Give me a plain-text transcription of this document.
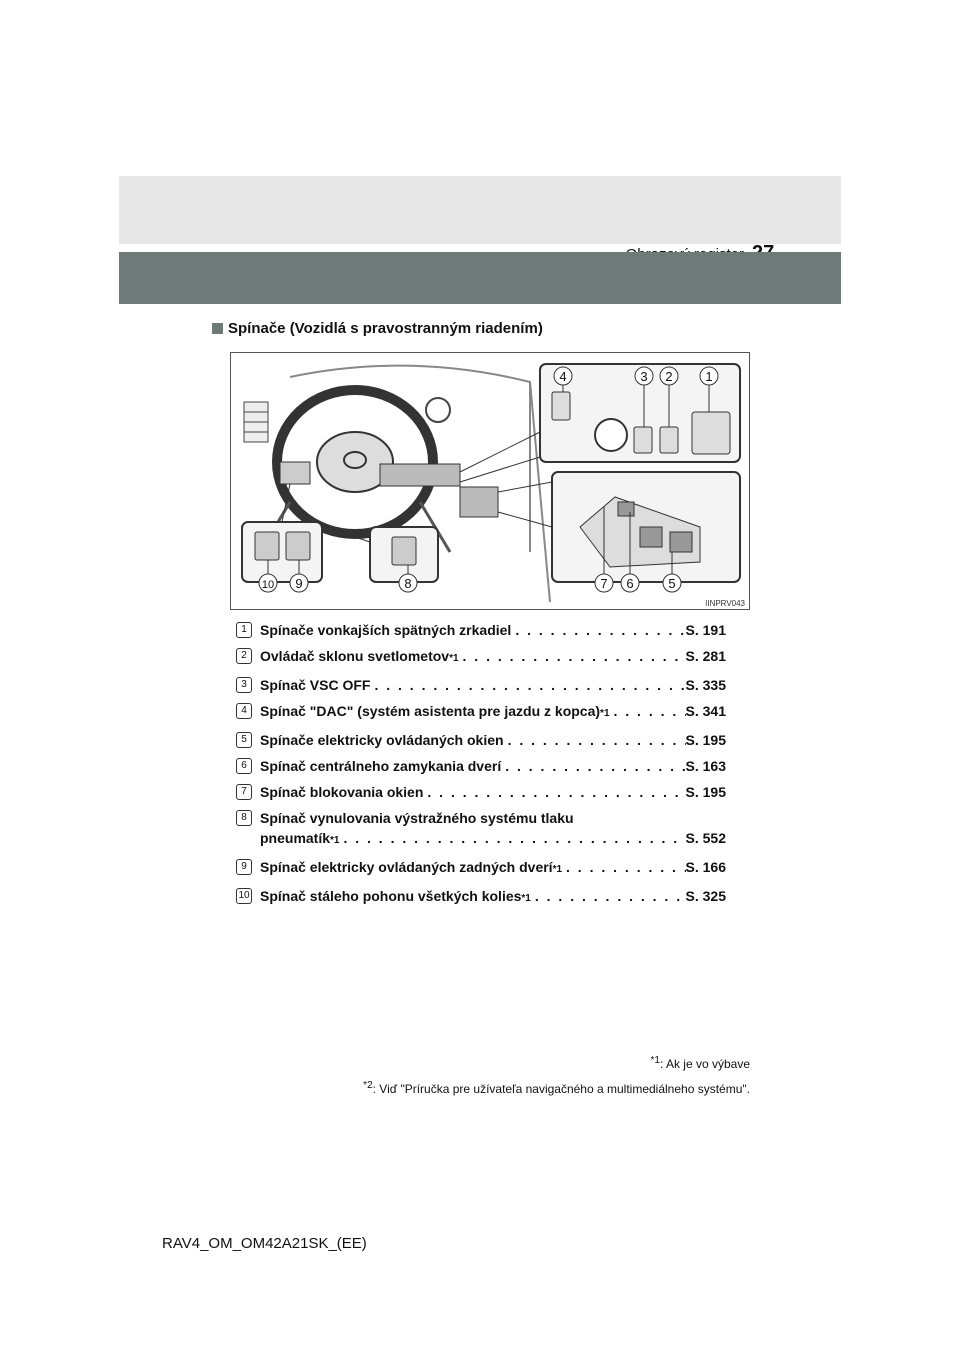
Spínače (Vozidlá s pravostranným riadením)
4	3 2	1
7 6	5
10 9	8
IINPRV043
1 Spínače vonkajších spätných zrkadiel . . .	S. 191
2 Ovládač sklonu svetlometov$_{*1}$ . . .	S. 281
3 Spínač VSC OFF . . .	S. 335
4 Spínač "DAC" (systém asistenta pre jazdu z $kopca)_{*1}$ . . .	S. 341
5 Spínače elektricky ovládaných okien . . .	S. 195
6 Spínač centrálneho zamykania dverí . . .	S. 163
7 Spínač blokovania okien . . .	S. 195
8 Spínač vynulovania výstražného systému tlaku
pneumatík$_{*1}$ . . .	S. 552
9 Spínač elektricky ovládaných zadných dverí$_{*1}$ . . .	S. 166
10 Spínač stáleho pohonu všetkých kolies$_{*1}$ . . .	S. 325
$^{*1}$: Ak je vo výbave
$^{*2}$: Viď "Príručka pre užívateľa navigačného a multimediálneho systému".
RAV4_OM_OM42A21SK_(EE)
